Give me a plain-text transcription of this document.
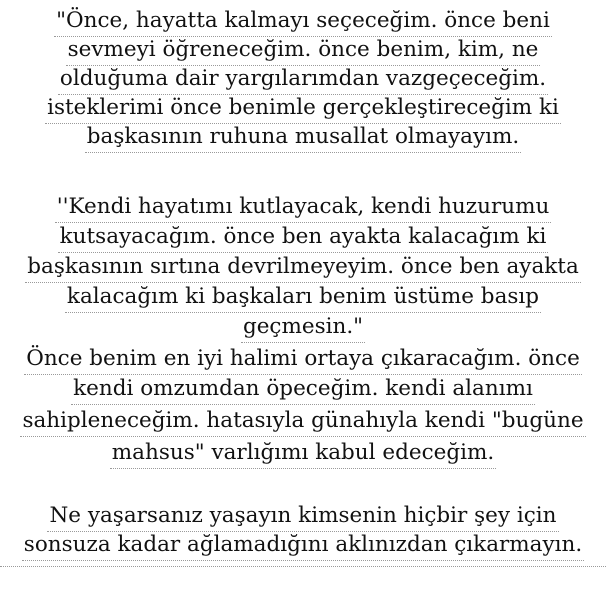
"Önce, hayatta kalmayı seçeceğim. önce beni
sevmeyi öğreneceğim. önce benim, kim, ne
olduğuma dair yargılarımdan vazgeçeceğim.
isteklerimi önce benimle gerçekleştireceğim ki
başkasının ruhuna musallat olmayayım.
''Kendi hayatımı kutlayacak, kendi huzurumu
kutsayacağım. önce ben ayakta kalacağım ki
başkasının sırtına devrilmeyeyim. önce ben ayakta
kalacağım ki başkaları benim üstüme basıp
geçmesin."
Önce benim en iyi halimi ortaya çıkaracağım. önce
kendi omzumdan öpeceğim. kendi alanımı
sahipleneceğim. hatasıyla günahıyla kendi "bugüne
mahsus" varlığımı kabul edeceğim.
Ne yaşarsanız yaşayın kimsenin hiçbir şey için
sonsuza kadar ağlamadığını aklınızdan çıkarmayın.
